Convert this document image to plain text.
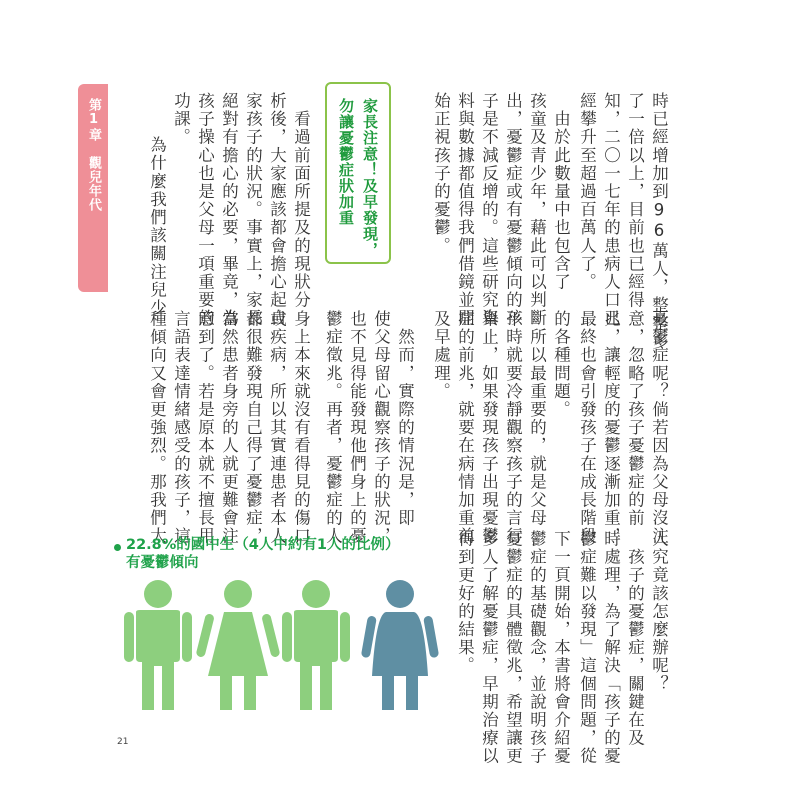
第1章　觀兒年代	家長注意！及早發現，
勿讓憂鬱症狀加重	時已經增加到96萬人，整整多
了一倍以上，目前也已經得
知，二〇一七年的患病人口已
經攀升至超過百萬人了。
　由於此數量中也包含了
孩童及青少年，藉此可以判斷
出，憂鬱症或有憂鬱傾向的孩
子是不減反增的。這些研究資
料與數據都值得我們借鏡並開
始正視孩子的憂鬱。
　看過前面所提及的現狀分
析後，大家應該都會擔心起自
家孩子的狀況。事實上，家長
絕對有擔心的必要，畢竟，為
孩子操心也是父母一項重要的
功課。
　為什麼我們該關注兒少
憂鬱症呢？倘若因為父母沒注
意，忽略了孩子憂鬱症的前
兆，讓輕度的憂鬱逐漸加重，
最終也會引發孩子在成長階段
的各種問題。
　所以最重要的，就是父母
平時就要冷靜觀察孩子的言行
舉止，如果發現孩子出現憂鬱
症的前兆，就要在病情加重前
及早處理。
　然而，實際的情況是，即
使父母留心觀察孩子的狀況，
也不見得能發現他們身上的憂
鬱症徵兆。再者，憂鬱症的人
身上本來就沒有看得見的傷口
或疾病，所以其實連患者本人
都很難發現自己得了憂鬱症，
當然患者身旁的人就更難會注
意到了。若是原本就不擅長用
言語表達情緒感受的孩子，這
種傾向又會更強烈。那我們大
人究竟該怎麼辦呢？
　孩子的憂鬱症，關鍵在及
時處理，為了解決「孩子的憂
鬱症難以發現」這個問題，從
下一頁開始，本書將會介紹憂
鬱症的基礎觀念，並說明孩子
憂鬱症的具體徵兆，希望讓更
多人了解憂鬱症，早期治療以
得到更好的結果。
22.8%的國中生（4人中約有1人的比例）
有憂鬱傾向
21
